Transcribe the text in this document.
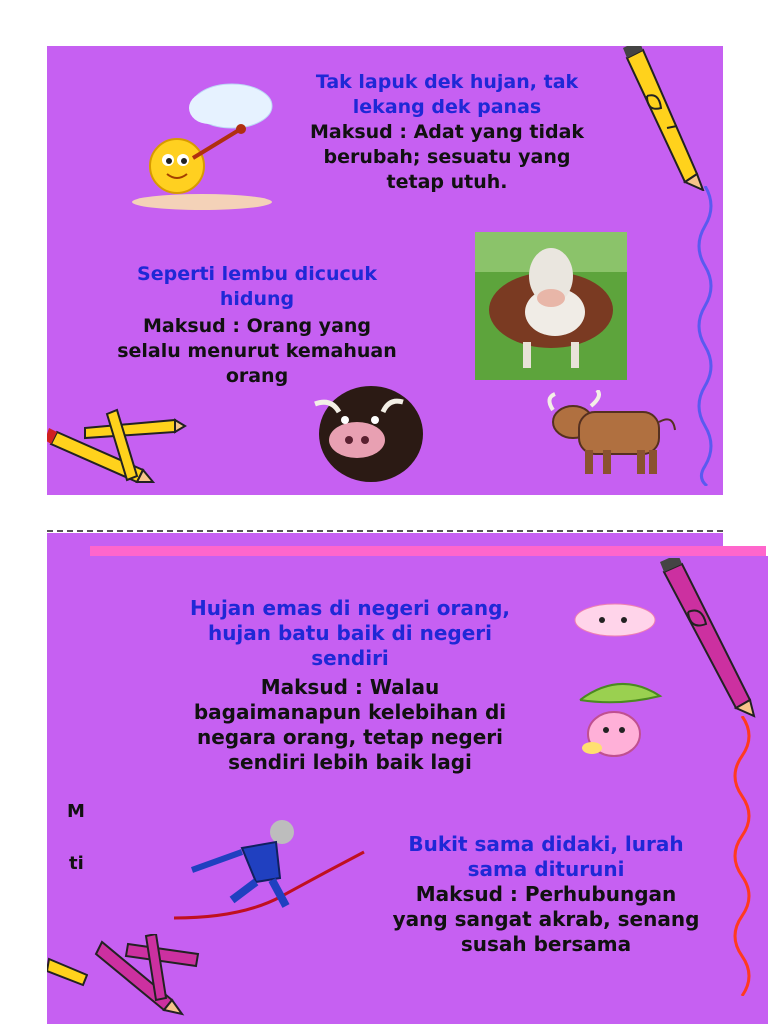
Tak lapuk dek hujan, tak
lekang dek panas
Maksud : Adat yang tidak
berubah; sesuatu yang
tetap utuh.
Seperti lembu dicucuk
hidung
Maksud : Orang yang
selalu menurut kemahuan
orang
M
ti
Hujan emas di negeri orang,
hujan batu baik di negeri
sendiri
Maksud : Walau
bagaimanapun kelebihan di
negara orang, tetap negeri
sendiri lebih baik lagi
Bukit sama didaki, lurah
sama dituruni
Maksud : Perhubungan
yang sangat akrab, senang
susah bersama
